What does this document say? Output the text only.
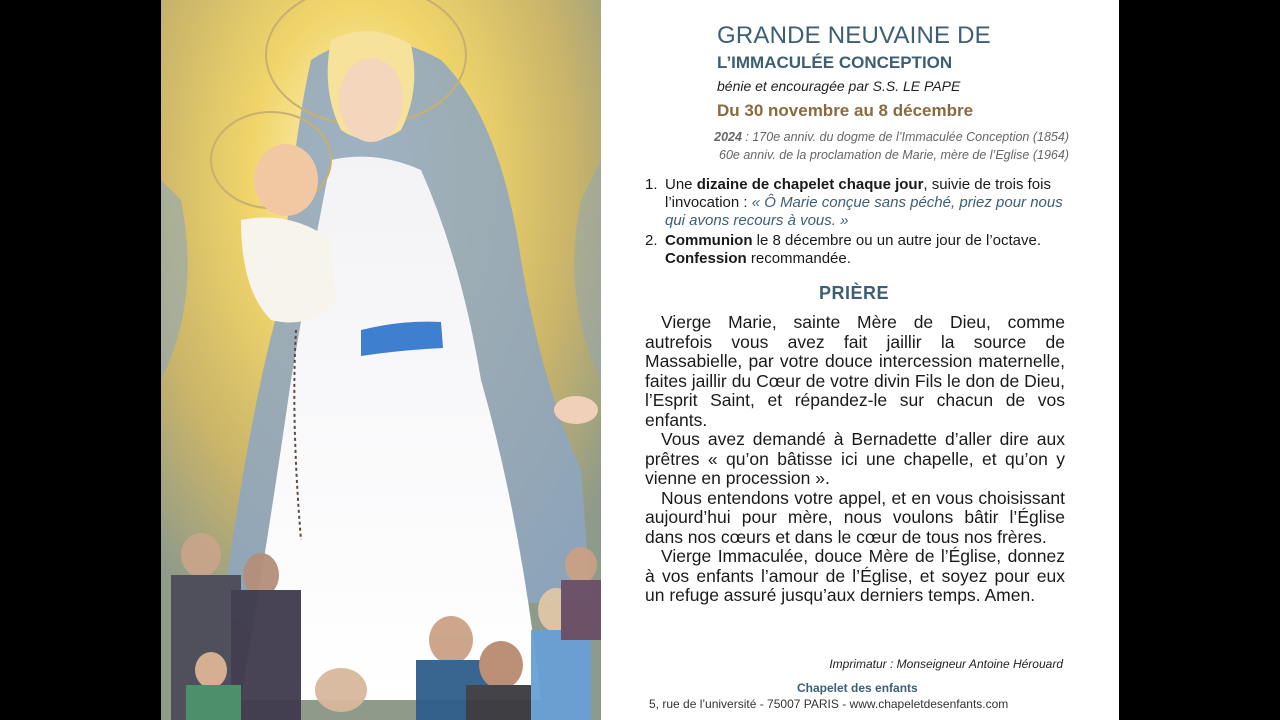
GRANDE NEUVAINE DE
L’IMMACULÉE CONCEPTION
bénie et encouragée par S.S. LE PAPE
Du 30 novembre au 8 décembre
2024 : 170e anniv. du dogme de l’Immaculée Conception (1854)
60e anniv. de la proclamation de Marie, mère de l’Eglise (1964)
1. Une dizaine de chapelet chaque jour, suivie de trois fois l’invocation : « Ô Marie conçue sans péché, priez pour nous qui avons recours à vous. »
2. Communion le 8 décembre ou un autre jour de l’octave. Confession recommandée.
PRIÈRE

Vierge Marie, sainte Mère de Dieu, comme autrefois vous avez fait jaillir la source de Massabielle, par votre douce intercession maternelle, faites jaillir du Cœur de votre divin Fils le don de Dieu, l’Esprit Saint, et répandez-le sur chacun de vos enfants.

Vous avez demandé à Bernadette d’aller dire aux prêtres « qu’on bâtisse ici une chapelle, et qu’on y vienne en procession ».

Nous entendons votre appel, et en vous choisissant aujourd’hui pour mère, nous voulons bâtir l’Église dans nos cœurs et dans le cœur de tous nos frères.

Vierge Immaculée, douce Mère de l’Église, donnez à vos enfants l’amour de l’Église, et soyez pour eux un refuge assuré jusqu’aux derniers temps. Amen.

Imprimatur : Monseigneur Antoine Hérouard
Chapelet des enfants
5, rue de l’université - 75007 PARIS - www.chapeletdesenfants.com
